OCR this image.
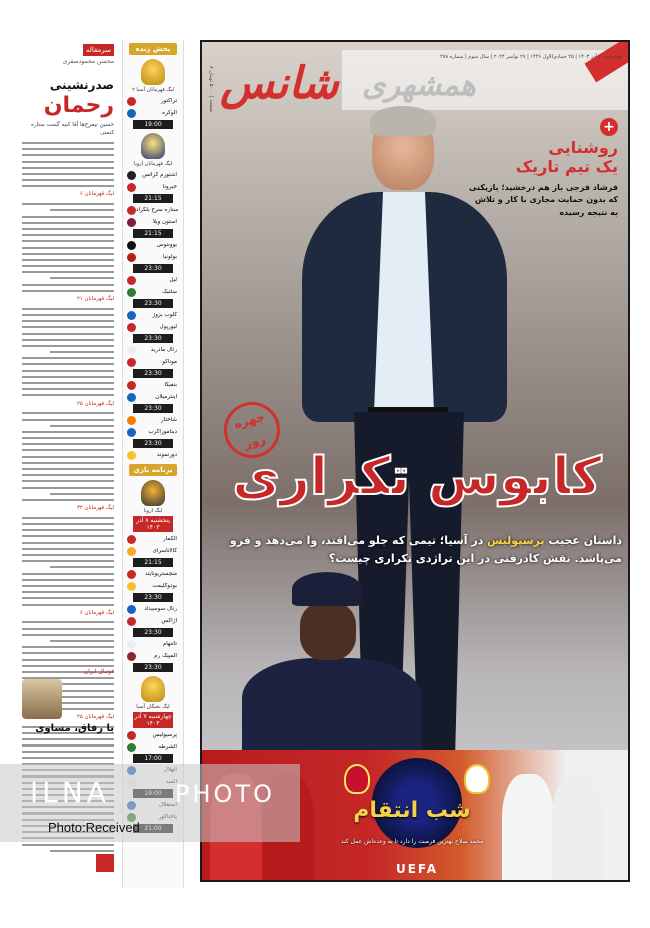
سرمقاله
محسن محمودصفری
صدرنشینی
رحمان
حسین نیمرخ‌ها آقا کنیه گست ستاره کنمنی
۶ لیگ قهرمانان
۲۱ لیگ قهرمانان
۲۵ لیگ قهرمانان
۳۴ لیگ قهرمانان
۶ لیگ قهرمانان
۲۵ لیگ قهرمانان
فوتبال ایران
با رفاق، مساوی
پخش زنده
لیگ قهرمانان آسیا ۲
تراکتور
الوکره
19:00
لیگ قهرمانان اروپا
اشتورم گراتس
خیرونا
21:15
ستاره سرخ بلگراد
استون ویلا
21:15
یوونتوس
بولونیا
23:30
لیل
سلتیک
23:30
کلوب بروژ
لیورپول
23:30
رئال مادرید
موناکو
23:30
بنفیکا
اینترمیلان
23:30
شاختار
دیناموزاگرب
23:30
دورتموند
برنامه بازی
لیگ اروپا
پنجشنبه ۸ آذر ۱۴۰۳
الکمار
گالاتاسرای
21:15
منچستریونایتد
بودوگلیمت
23:30
رنال سوسیداد
آژاکس
23:30
تاتنهام
آلمپیک رم
23:30
لیگ نخبگان آسیا
چهارشنبه ۷ آذر ۱۴۰۳
پرسپولیس
الشرطه
17:00
همشهری
شانس
چهارشنبه ۷ آذر ۱۴۰۳ | ۲۵ جمادی‌الاول ۱۴۴۶ | ۲۷ نوامبر ۲۰۲۴ | سال سوم | شماره ۲۷۸
۸ صفحه | ۵۰۰۰ تومان
+
روشنایی
یک تیم تاریک
فرشاد فرجی باز هم درخشید؛ بازیکنی که بدون حمایت مجازی با کار و تلاش به نتیجه رسیده
چهره روز
کابوس تکراری
داستان عجیب پرسپولیس در آسیا؛ تیمی که جلو می‌افتد، وا می‌دهد و فرو می‌پاشد. نقش کادرفنی در این تراژدی تکراری چیست؟
شب انتقام
محمد صلاح بهترین فرصت را دارد تا به وعده‌اش عمل کند
UEFA
ILNA	PHOTO
Photo:Received
